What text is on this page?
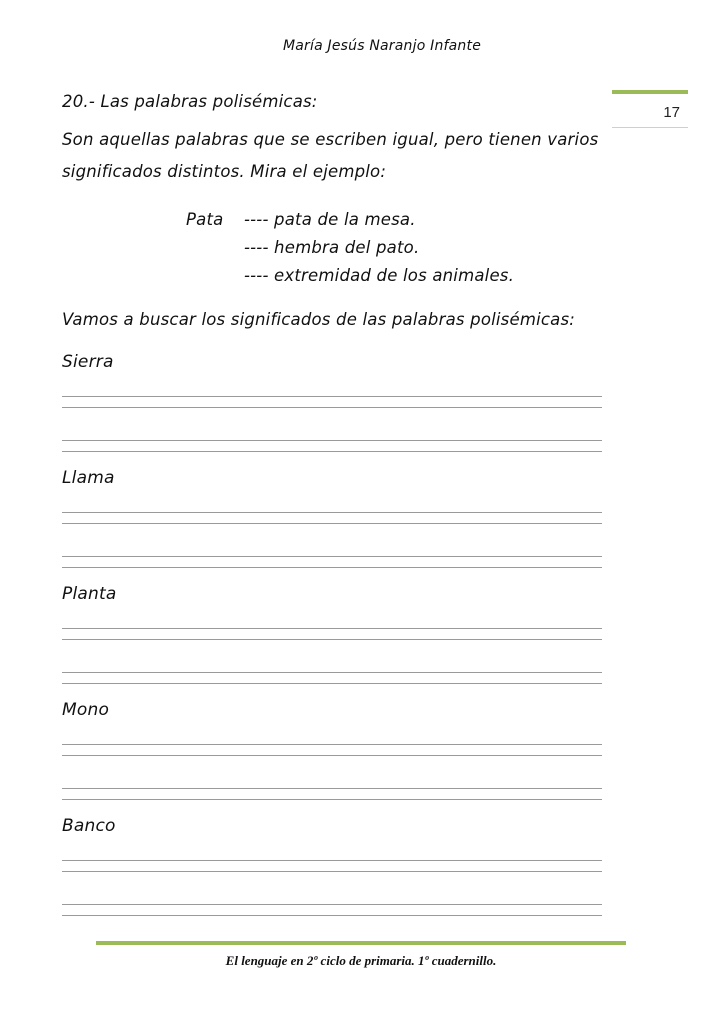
María Jesús Naranjo Infante
17
20.- Las palabras polisémicas:
Son aquellas palabras que se escriben igual, pero tienen varios
significados distintos. Mira el ejemplo:
Pata ---- pata de la mesa.
---- hembra del pato.
---- extremidad de los animales.
Vamos a buscar los significados de las palabras polisémicas:
Sierra
Llama
Planta
Mono
Banco
El lenguaje en 2º ciclo de primaria. 1º cuadernillo.
